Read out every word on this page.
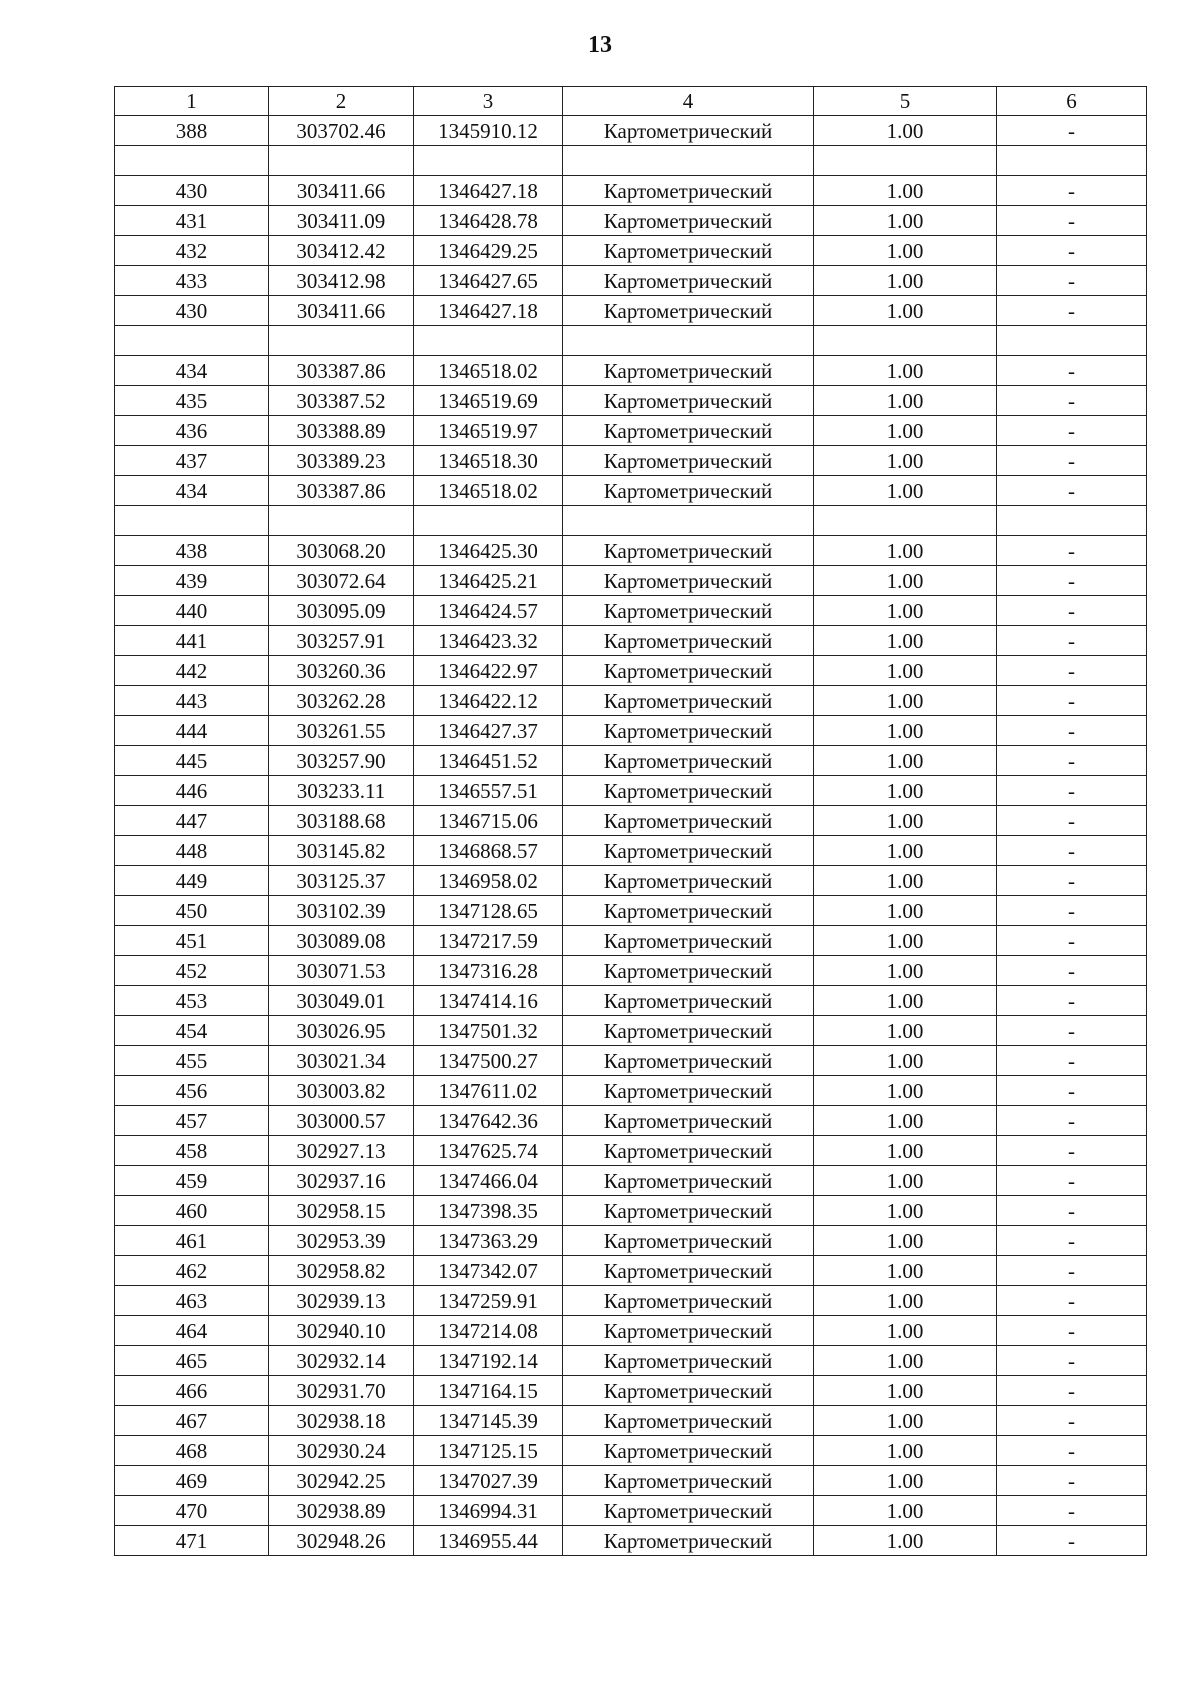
13
1	2	3	4	5	6
388	303702.46	1345910.12	Картометрический	1.00	-

430	303411.66	1346427.18	Картометрический	1.00	-
431	303411.09	1346428.78	Картометрический	1.00	-
432	303412.42	1346429.25	Картометрический	1.00	-
433	303412.98	1346427.65	Картометрический	1.00	-
430	303411.66	1346427.18	Картометрический	1.00	-

434	303387.86	1346518.02	Картометрический	1.00	-
435	303387.52	1346519.69	Картометрический	1.00	-
436	303388.89	1346519.97	Картометрический	1.00	-
437	303389.23	1346518.30	Картометрический	1.00	-
434	303387.86	1346518.02	Картометрический	1.00	-

438	303068.20	1346425.30	Картометрический	1.00	-
439	303072.64	1346425.21	Картометрический	1.00	-
440	303095.09	1346424.57	Картометрический	1.00	-
441	303257.91	1346423.32	Картометрический	1.00	-
442	303260.36	1346422.97	Картометрический	1.00	-
443	303262.28	1346422.12	Картометрический	1.00	-
444	303261.55	1346427.37	Картометрический	1.00	-
445	303257.90	1346451.52	Картометрический	1.00	-
446	303233.11	1346557.51	Картометрический	1.00	-
447	303188.68	1346715.06	Картометрический	1.00	-
448	303145.82	1346868.57	Картометрический	1.00	-
449	303125.37	1346958.02	Картометрический	1.00	-
450	303102.39	1347128.65	Картометрический	1.00	-
451	303089.08	1347217.59	Картометрический	1.00	-
452	303071.53	1347316.28	Картометрический	1.00	-
453	303049.01	1347414.16	Картометрический	1.00	-
454	303026.95	1347501.32	Картометрический	1.00	-
455	303021.34	1347500.27	Картометрический	1.00	-
456	303003.82	1347611.02	Картометрический	1.00	-
457	303000.57	1347642.36	Картометрический	1.00	-
458	302927.13	1347625.74	Картометрический	1.00	-
459	302937.16	1347466.04	Картометрический	1.00	-
460	302958.15	1347398.35	Картометрический	1.00	-
461	302953.39	1347363.29	Картометрический	1.00	-
462	302958.82	1347342.07	Картометрический	1.00	-
463	302939.13	1347259.91	Картометрический	1.00	-
464	302940.10	1347214.08	Картометрический	1.00	-
465	302932.14	1347192.14	Картометрический	1.00	-
466	302931.70	1347164.15	Картометрический	1.00	-
467	302938.18	1347145.39	Картометрический	1.00	-
468	302930.24	1347125.15	Картометрический	1.00	-
469	302942.25	1347027.39	Картометрический	1.00	-
470	302938.89	1346994.31	Картометрический	1.00	-
471	302948.26	1346955.44	Картометрический	1.00	-
